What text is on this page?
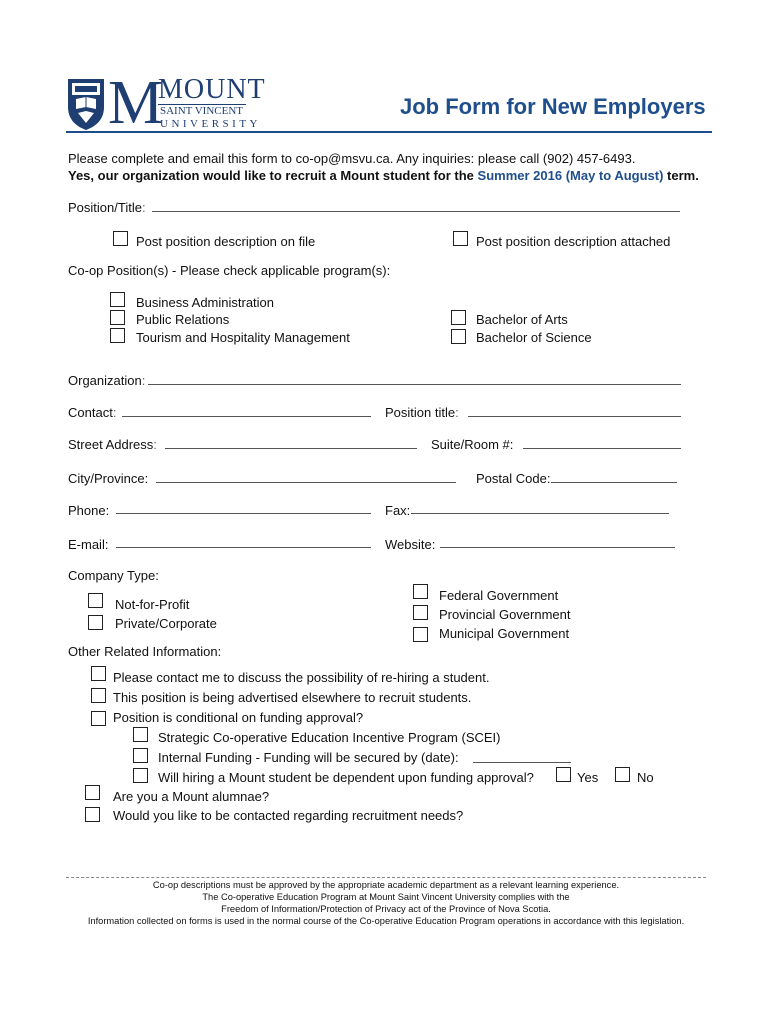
M
MOUNT
SAINT VINCENT
UNIVERSITY
Job Form for New Employers
Please complete and email this form to co-op@msvu.ca. Any inquiries: please call (902) 457-6493.
Yes, our organization would like to recruit a Mount student for the Summer 2016 (May to August) term.
Position/Title:
Post position description on file	Post position description attached
Co-op Position(s) - Please check applicable program(s):
Business Administration
Public Relations
Tourism and Hospitality Management
Bachelor of Arts
Bachelor of Science
Organization:
Contact:	Position title:
Street Address:	Suite/Room #:
City/Province:	Postal Code:
Phone:	Fax:
E-mail:	Website:
Company Type:
Not-for-Profit
Private/Corporate
Federal Government
Provincial Government
Municipal Government
Other Related Information:
Please contact me to discuss the possibility of re-hiring a student.
This position is being advertised elsewhere to recruit students.
Position is conditional on funding approval?
Strategic Co-operative Education Incentive Program (SCEI)
Internal Funding - Funding will be secured by (date):
Will hiring a Mount student be dependent upon funding approval?	Yes	No
Are you a Mount alumnae?
Would you like to be contacted regarding recruitment needs?
Co-op descriptions must be approved by the appropriate academic department as a relevant learning experience.
The Co-operative Education Program at Mount Saint Vincent University complies with the
Freedom of Information/Protection of Privacy act of the Province of Nova Scotia.
Information collected on forms is used in the normal course of the Co-operative Education Program operations in accordance with this legislation.
